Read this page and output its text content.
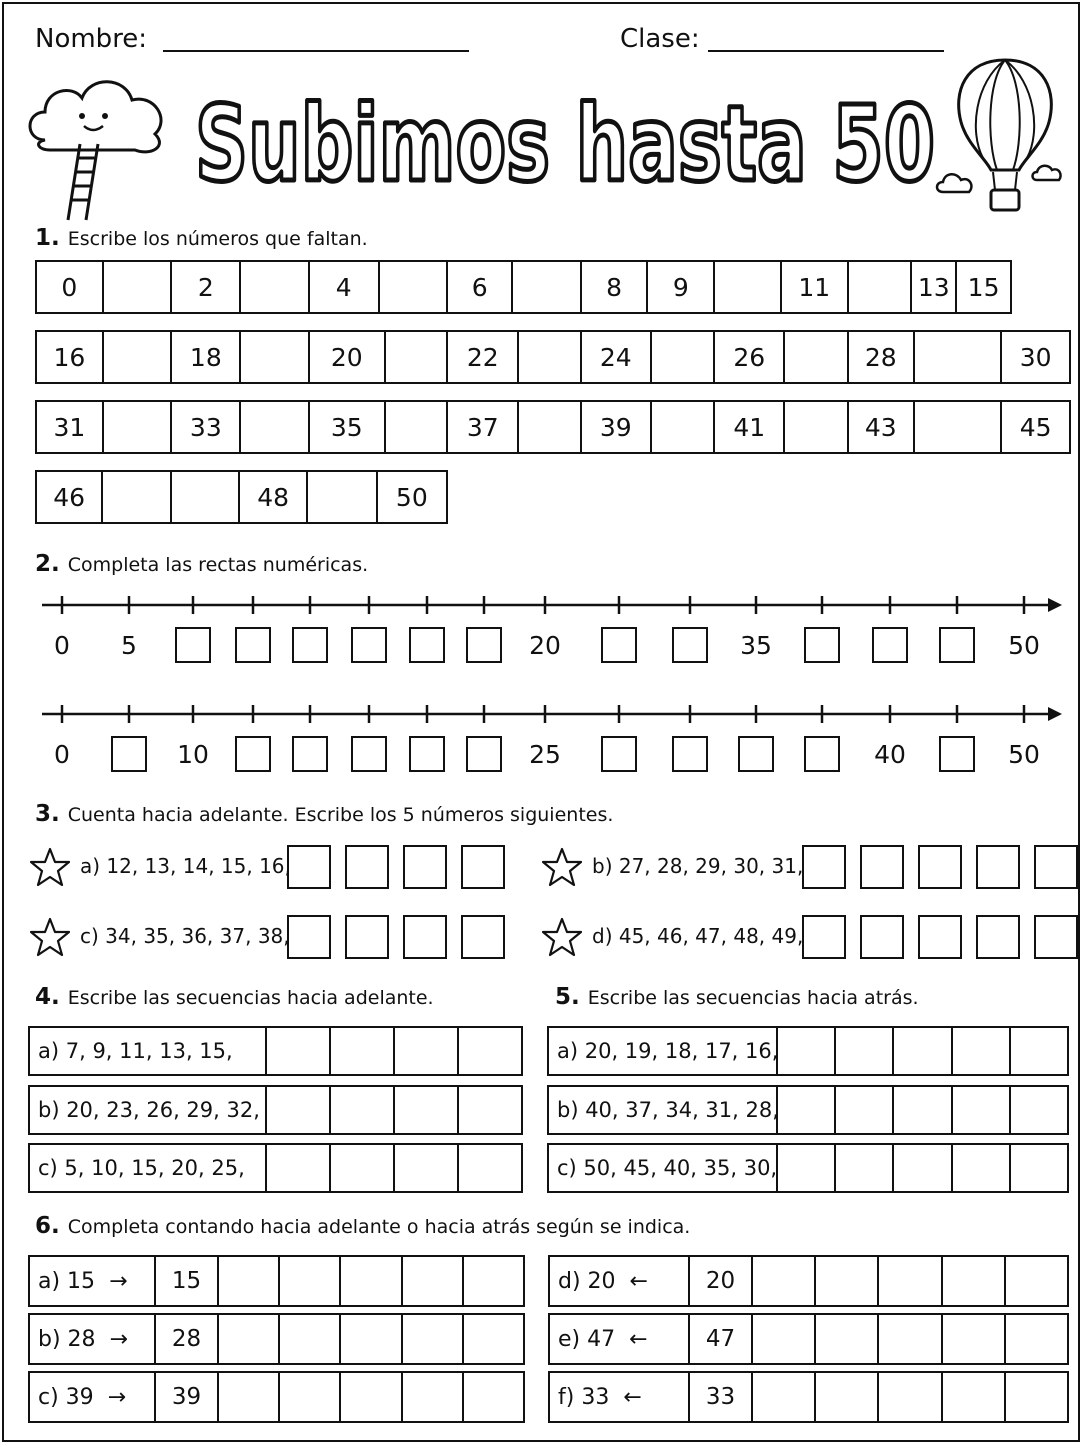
Nombre:	Clase:
Subimos hasta 50
1. Escribe los números que faltan.
0	2	4	6	8	9	11	13 15
16	18	20	22	24	26	28	30
31	33	35	37	39	41	43	45
46	48	50
2. Completa las rectas numéricas.
0 5	20	35	50
0	10	25	40	50
3. Cuenta hacia adelante. Escribe los 5 números siguientes.
a) 12, 13, 14, 15, 16,	b) 27, 28, 29, 30, 31,
c) 34, 35, 36, 37, 38,	d) 45, 46, 47, 48, 49,
4. Escribe las secuencias hacia adelante.	5. Escribe las secuencias hacia atrás.
a) 7, 9, 11, 13, 15,	a) 20, 19, 18, 17, 16,
b) 20, 23, 26, 29, 32,	b) 40, 37, 34, 31, 28,
c) 5, 10, 15, 20, 25,	c) 50, 45, 40, 35, 30,
6. Completa contando hacia adelante o hacia atrás según se indica.
a) 15 →	15
b) 28 →	28
c) 39 →	39
d) 20 ←	20
e) 47 ←	47
f) 33 ←	33
